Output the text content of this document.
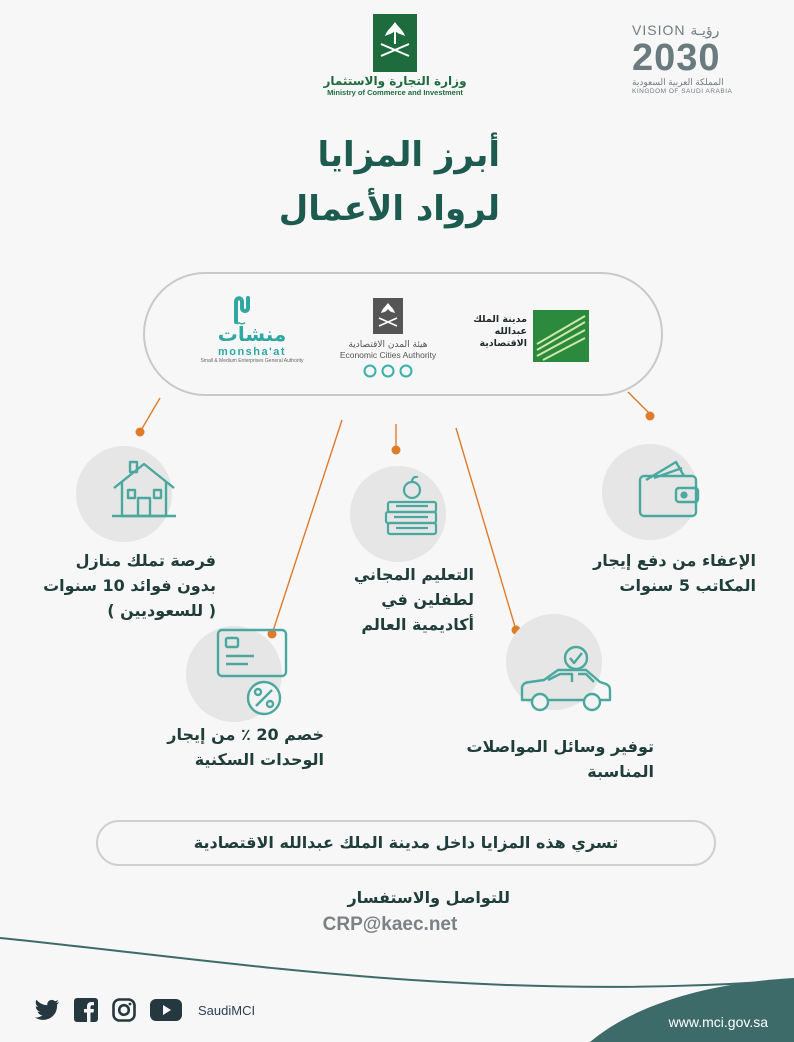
وزارة التجارة والاستثمار
Ministry of Commerce and Investment
VISION رؤيـة
2030
المملكة العربية السعودية
KINGDOM OF SAUDI ARABIA
أبرز المزايا
لرواد الأعمال
مدينة الملك عبدالله الاقتصادية
هيئة المدن الاقتصادية
Economic Cities Authority
منشآت
monsha'at
Small & Medium Enterprises General Authority
فرصة تملك منازل بدون فوائد 10 سنوات ( للسعوديين )
التعليم المجاني لطفلين في أكاديمية العالم
الإعفاء من دفع إيجار المكاتب 5 سنوات
خصم 20 ٪ من إيجار الوحدات السكنية
توفير وسائل المواصلات المناسبة
تسري هذه المزايا داخل مدينة الملك عبدالله الاقتصادية
للتواصل والاستفسار
CRP@kaec.net
SaudiMCI
www.mci.gov.sa
